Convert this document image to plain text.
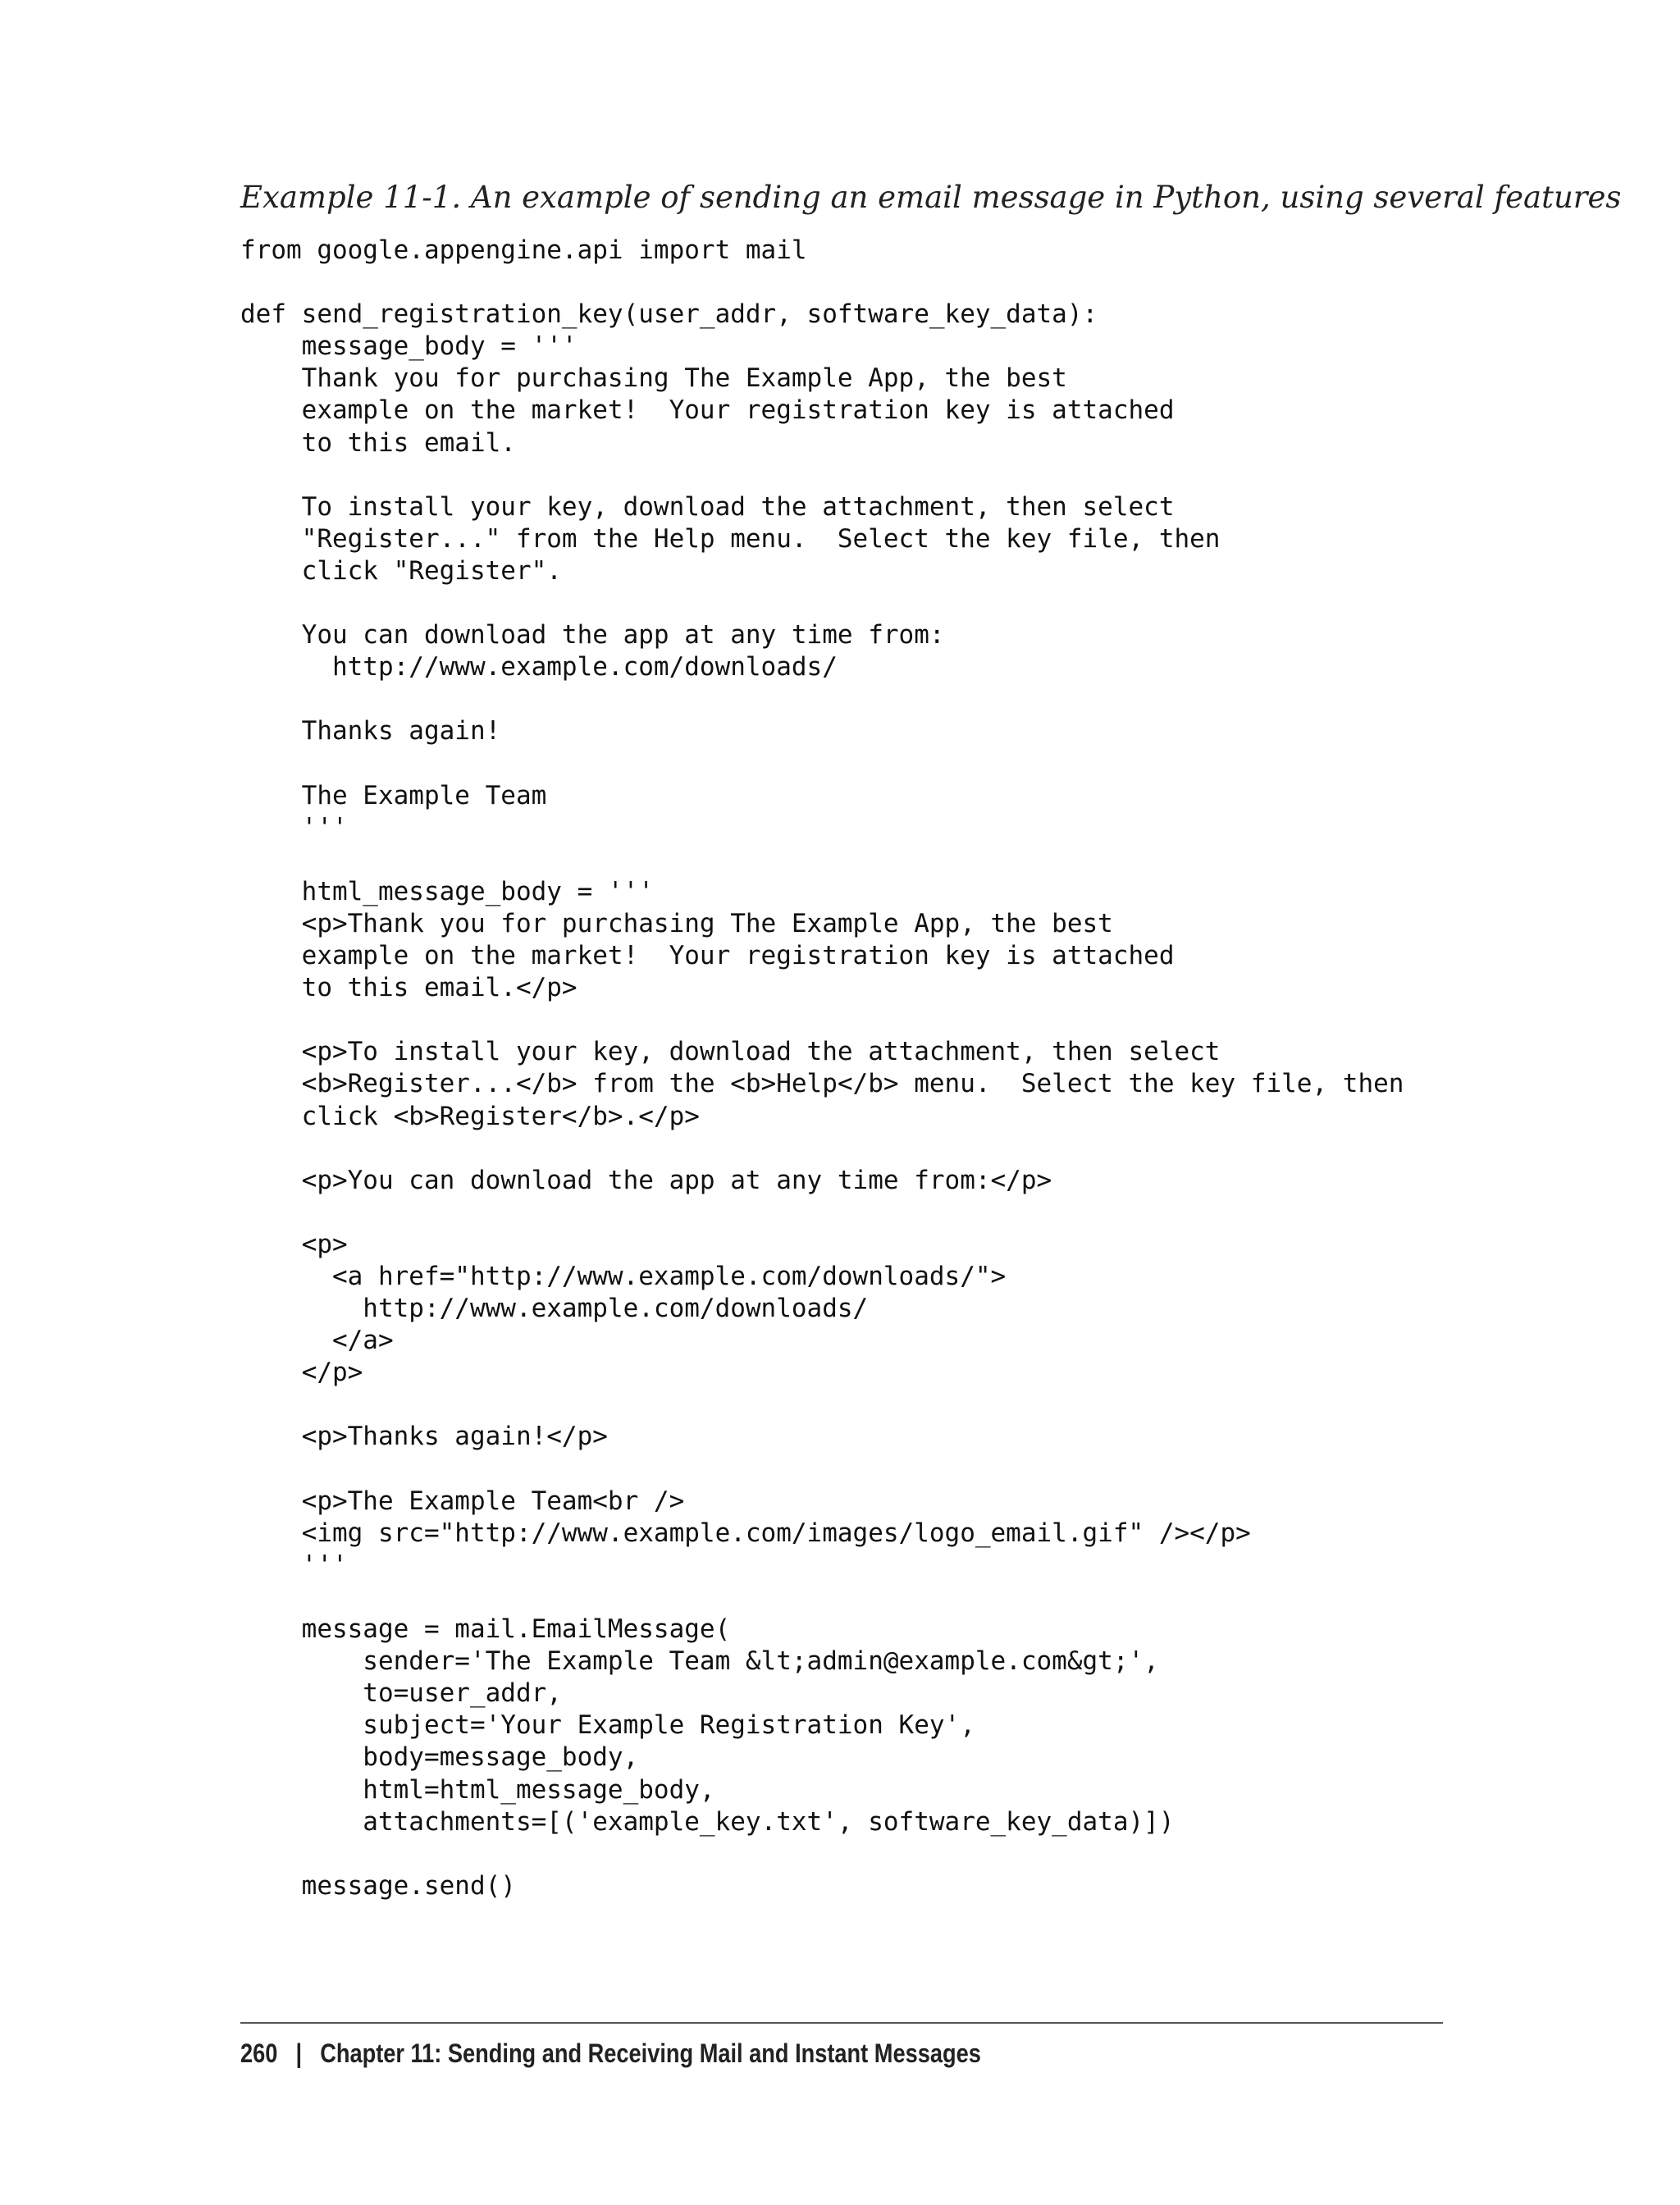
Example 11-1. An example of sending an email message in Python, using several features
from google.appengine.api import mail
def send_registration_key(user_addr, software_key_data):
message_body = '''
Thank you for purchasing The Example App, the best
example on the market!  Your registration key is attached
to this email.
To install your key, download the attachment, then select
"Register..." from the Help menu.  Select the key file, then
click "Register".
You can download the app at any time from:
http://www.example.com/downloads/
Thanks again!
The Example Team
'''
html_message_body = '''
<p>Thank you for purchasing The Example App, the best
example on the market!  Your registration key is attached
to this email.</p>
<p>To install your key, download the attachment, then select
<b>Register...</b> from the <b>Help</b> menu.  Select the key file, then
click <b>Register</b>.</p>
<p>You can download the app at any time from:</p>
<p>
<a href="http://www.example.com/downloads/">
http://www.example.com/downloads/
</a>
</p>
<p>Thanks again!</p>
<p>The Example Team<br />
<img src="http://www.example.com/images/logo_email.gif" /></p>
'''
message = mail.EmailMessage(
sender='The Example Team &lt;admin@example.com&gt;',
to=user_addr,
subject='Your Example Registration Key',
body=message_body,
html=html_message_body,
attachments=[('example_key.txt', software_key_data)])
message.send()
260 | Chapter 11: Sending and Receiving Mail and Instant Messages
